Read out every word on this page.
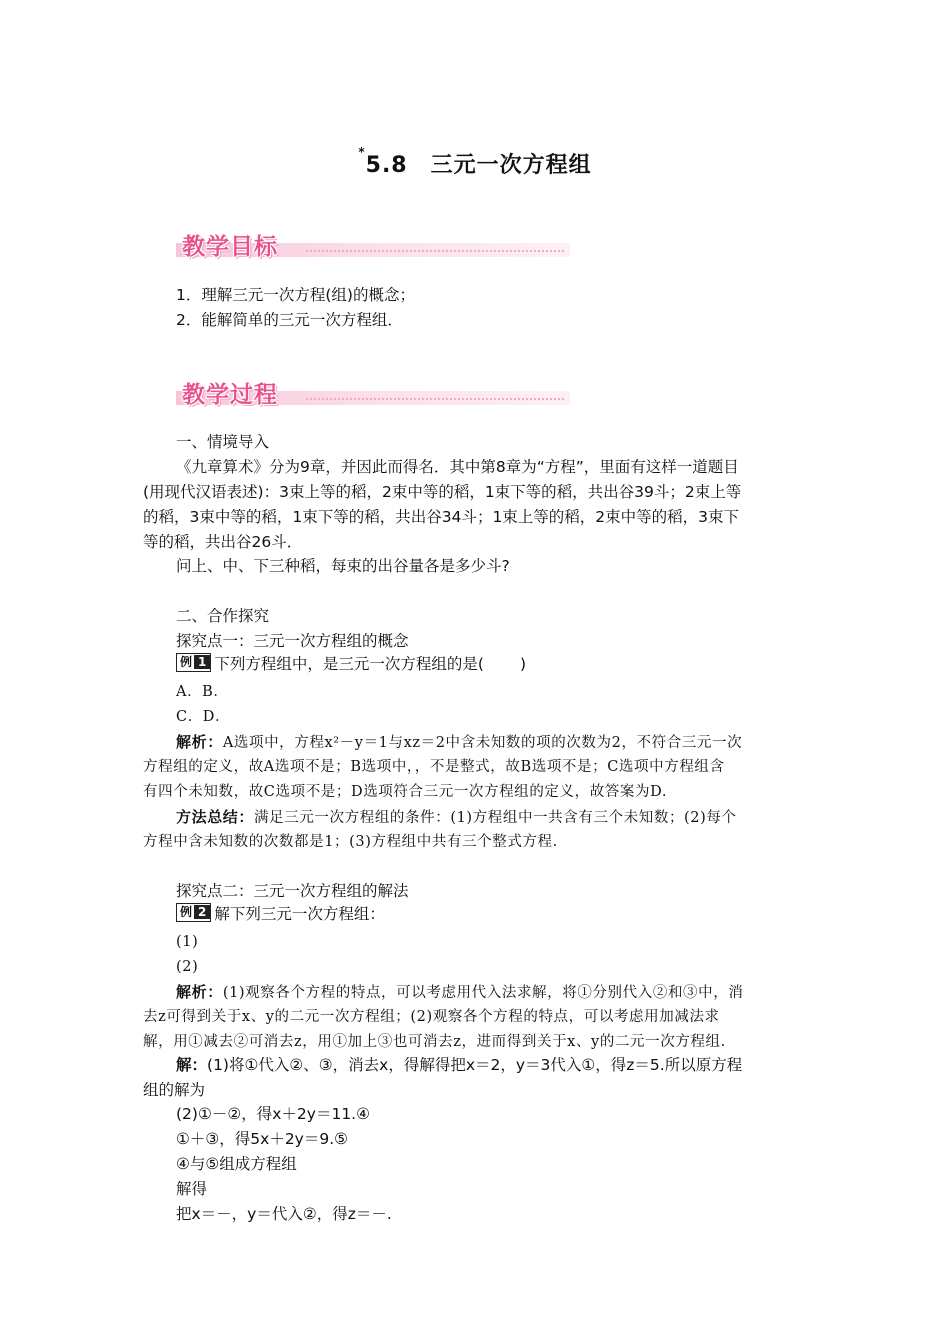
*5.8　三元一次方程组
教学目标
1．理解三元一次方程(组)的概念；
2．能解简单的三元一次方程组．
教学过程
一、情境导入
《九章算术》分为9章，并因此而得名．其中第8章为“方程”，里面有这样一道题目
(用现代汉语表述)：3束上等的稻，2束中等的稻，1束下等的稻，共出谷39斗；2束上等
的稻，3束中等的稻，1束下等的稻，共出谷34斗；1束上等的稻，2束中等的稻，3束下
等的稻，共出谷26斗．
问上、中、下三种稻，每束的出谷量各是多少斗?
二、合作探究
探究点一：三元一次方程组的概念
例 1 下列方程组中，是三元一次方程组的是( )
A．B．
C．D．
解析：A选项中，方程x²－y＝1与xz＝2中含未知数的项的次数为2，不符合三元一次
方程组的定义，故A选项不是；B选项中，，不是整式，故B选项不是；C选项中方程组含
有四个未知数，故C选项不是；D选项符合三元一次方程组的定义，故答案为D.
方法总结：满足三元一次方程组的条件：(1)方程组中一共含有三个未知数；(2)每个
方程中含未知数的次数都是1；(3)方程组中共有三个整式方程.
探究点二：三元一次方程组的解法
例 2 解下列三元一次方程组：
(1)
(2)
解析：(1)观察各个方程的特点，可以考虑用代入法求解，将①分别代入②和③中，消
去z可得到关于x、y的二元一次方程组；(2)观察各个方程的特点，可以考虑用加减法求
解，用①减去②可消去z，用①加上③也可消去z，进而得到关于x、y的二元一次方程组.
解：(1)将①代入②、③，消去x，得解得把x＝2，y＝3代入①，得z＝5.所以原方程
组的解为
(2)①－②，得x＋2y＝11.④
①＋③，得5x＋2y＝9.⑤
④与⑤组成方程组
解得
把x＝－，y＝代入②，得z＝－.
